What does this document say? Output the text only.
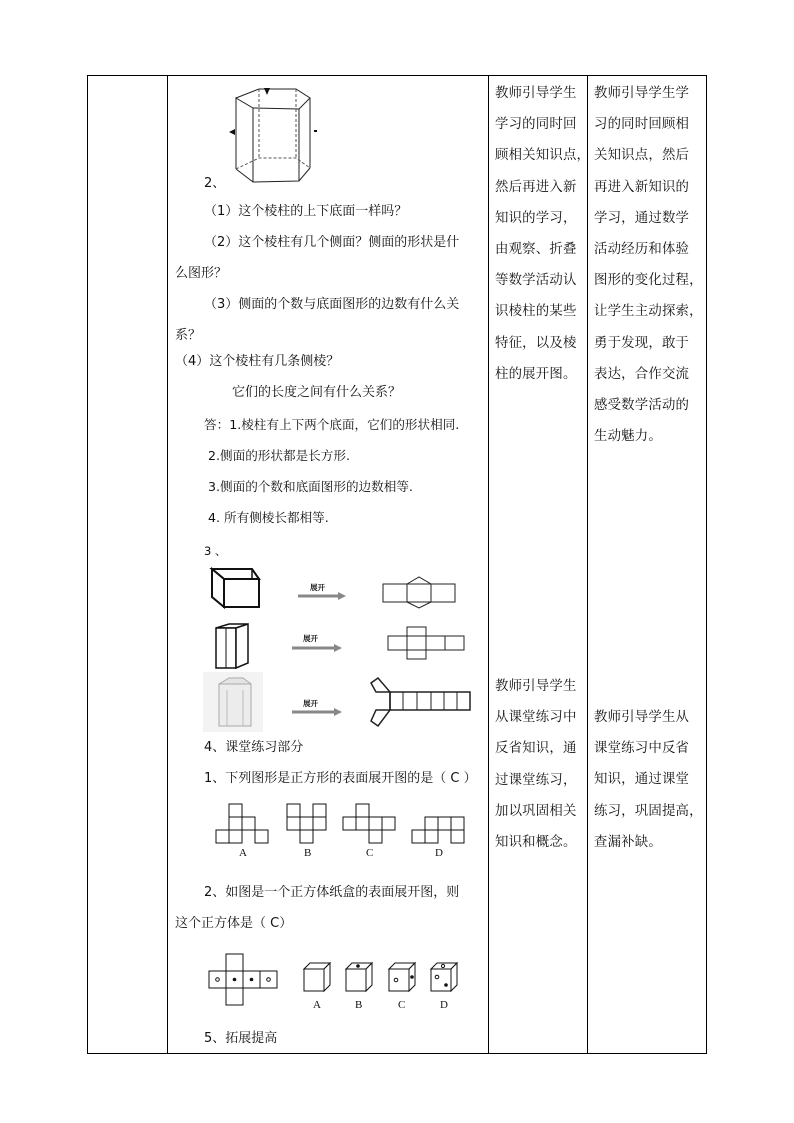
2、
（1）这个棱柱的上下底面一样吗？
（2）这个棱柱有几个侧面？侧面的形状是什
么图形？
（3）侧面的个数与底面图形的边数有什么关
系？
（4）这个棱柱有几条侧棱？
它们的长度之间有什么关系？
答：1.棱柱有上下两个底面，它们的形状相同.
2.侧面的形状都是长方形.
3.侧面的个数和底面图形的边数相等.
4. 所有侧棱长都相等.
3 、
展开
展开
展开
4、课堂练习部分
1、下列图形是正方形的表面展开图的是（ C ）
A	B	C	D
2、如图是一个正方体纸盒的表面展开图，则
这个正方体是（ C）
A	B	C	D
5、拓展提高
教师引导学生
学习的同时回
顾相关知识点，
然后再进入新
知识的学习，
由观察、折叠
等数学活动认
识棱柱的某些
特征，以及棱
柱的展开图。
教师引导学生
从课堂练习中
反省知识，通
过课堂练习，
加以巩固相关
知识和概念。
教师引导学生学
习的同时回顾相
关知识点，然后
再进入新知识的
学习，通过数学
活动经历和体验
图形的变化过程，
让学生主动探索，
勇于发现，敢于
表达，合作交流
感受数学活动的
生动魅力。
教师引导学生从
课堂练习中反省
知识，通过课堂
练习，巩固提高，
查漏补缺。
